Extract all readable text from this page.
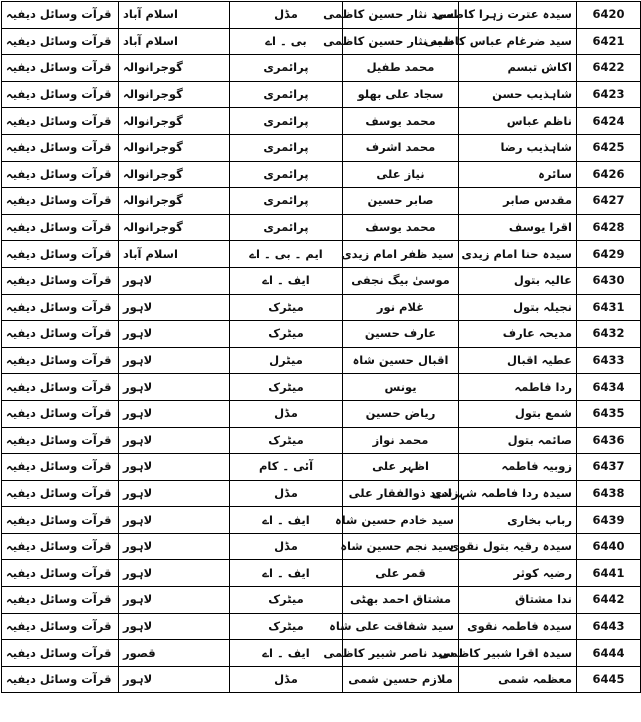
قرآت وسائل دیفیہ	اسلام آباد	مڈل	سید نثار حسین کاظمی	سیدہ عترت زہرا کاظمی	6420
قرآت وسائل دیفیہ	اسلام آباد	بی ۔ اے	سید نثار حسین کاظمی	سید ضرغام عباس کاظمی	6421
قرآت وسائل دیفیہ	گوجرانوالہ	پرائمری	محمد طفیل	اکاش تبسم	6422
قرآت وسائل دیفیہ	گوجرانوالہ	پرائمری	سجاد علی بھلو	شاہذیب حسن	6423
قرآت وسائل دیفیہ	گوجرانوالہ	پرائمری	محمد یوسف	ناظم عباس	6424
قرآت وسائل دیفیہ	گوجرانوالہ	پرائمری	محمد اشرف	شاہذیب رضا	6425
قرآت وسائل دیفیہ	گوجرانوالہ	پرائمری	نیاز علی	سائرہ	6426
قرآت وسائل دیفیہ	گوجرانوالہ	پرائمری	صابر حسین	مقدس صابر	6427
قرآت وسائل دیفیہ	گوجرانوالہ	پرائمری	محمد یوسف	اقرا یوسف	6428
قرآت وسائل دیفیہ	اسلام آباد	ایم ۔ بی ۔ اے	سید ظفر امام زیدی	سیدہ حنا امام زیدی	6429
قرآت وسائل دیفیہ	لاہور	ایف ۔ اے	موسیٰ بیگ نجفی	عالیہ بتول	6430
قرآت وسائل دیفیہ	لاہور	میٹرک	غلام نور	نجیلہ بتول	6431
قرآت وسائل دیفیہ	لاہور	میٹرک	عارف حسین	مدیحہ عارف	6432
قرآت وسائل دیفیہ	لاہور	میٹرل	اقبال حسین شاہ	عطیہ اقبال	6433
قرآت وسائل دیفیہ	لاہور	میٹرک	یونس	ردا فاطمہ	6434
قرآت وسائل دیفیہ	لاہور	مڈل	ریاض حسین	شمع بتول	6435
قرآت وسائل دیفیہ	لاہور	میٹرک	محمد نواز	صائمہ بتول	6436
قرآت وسائل دیفیہ	لاہور	آئی ۔ کام	اظہر علی	زوبیہ فاطمہ	6437
قرآت وسائل دیفیہ	لاہور	مڈل	سید ذوالفقار علی	سیدہ ردا فاطمہ شہزادی	6438
قرآت وسائل دیفیہ	لاہور	ایف ۔ اے	سید خادم حسین شاہ	رباب بخاری	6439
قرآت وسائل دیفیہ	لاہور	مڈل	سید نجم حسین شاہ	سیدہ رقیہ بتول نقوی	6440
قرآت وسائل دیفیہ	لاہور	ایف ۔ اے	قمر علی	رضیہ کوثر	6441
قرآت وسائل دیفیہ	لاہور	میٹرک	مشتاق احمد بھٹی	ندا مشتاق	6442
قرآت وسائل دیفیہ	لاہور	میٹرک	سید شفاقت علی شاہ	سیدہ فاطمہ نقوی	6443
قرآت وسائل دیفیہ	قصور	ایف ۔ اے	سید ناصر شبیر کاظمی	سیدہ اقرا شبیر کاظمی	6444
قرآت وسائل دیفیہ	لاہور	مڈل	ملازم حسین شمی	معظمہ شمی	6445
